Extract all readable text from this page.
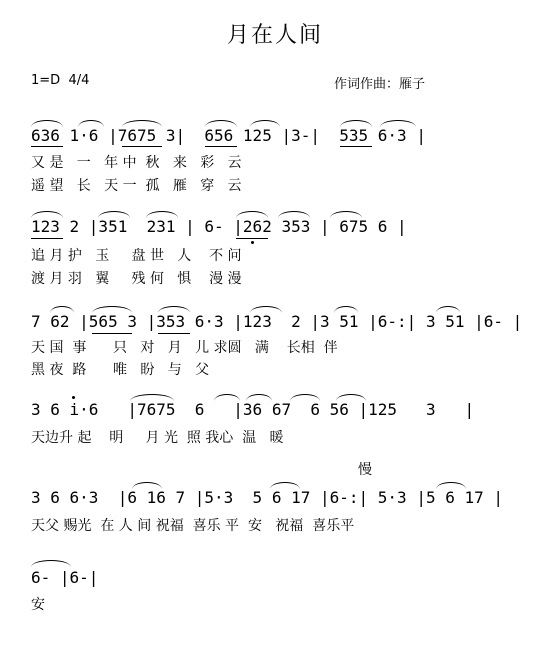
月在人间
1=D  4/4	作词作曲：雁子
636 1·6 |7675 3|  656 125 |3-|  535 6·3 |
又 是   一   年 中  秋   来   彩   云
遥 望   长   天 一  孤   雁   穿   云
123 2 |351  231 | 6- |262 353 | 675 6 |
追 月 护   玉     盘 世   人    不 问
渡 月 羽   翼     残 何   惧    漫 漫
7 62 |565 3 |353 6·3 |123  2 |3 51 |6-:| 3 51 |6- |
天 国  事      只   对   月   儿 求圆   满    长相  伴
黑 夜  路      唯   盼   与   父
3 6 i·6   |7675  6   |36 67  6 56 |125   3   |
天边升 起    明     月 光  照 我心  温   暖
慢
3 6 6·3  |6 16 7 |5·3  5 6 17 |6-:| 5·3 |5 6 17 |
天父 赐光  在 人 间 祝福  喜乐 平  安   祝福  喜乐平
6- |6-|
安
